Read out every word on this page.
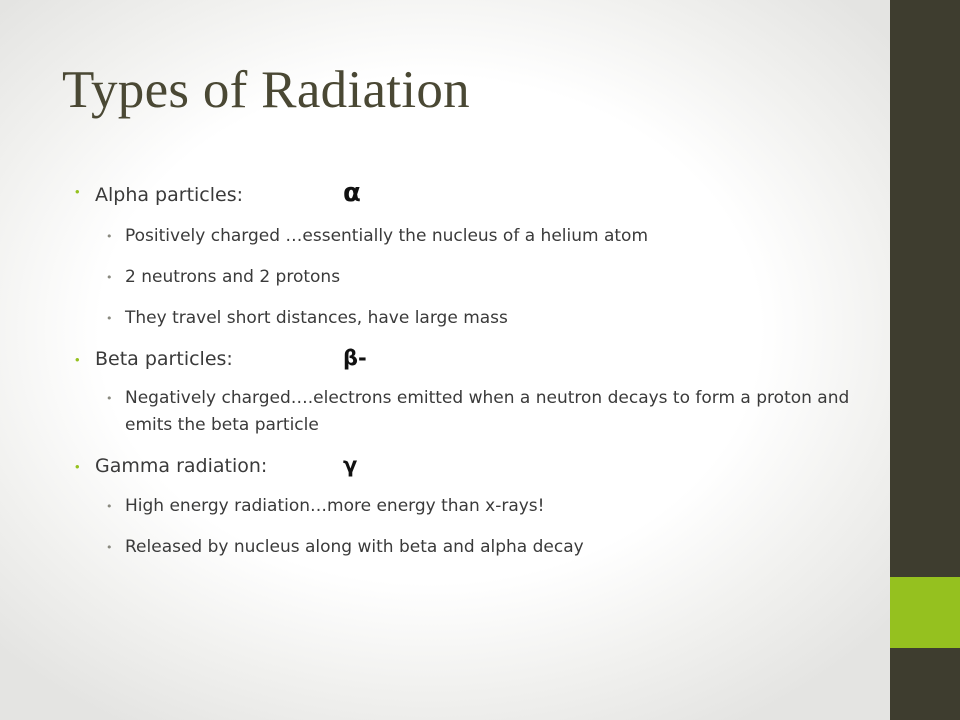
Types of Radiation
• Alpha particles:	α
• Positively charged …essentially the nucleus of a helium atom
• 2 neutrons and 2 protons
• They travel short distances, have large mass
• Beta particles:	β-
• Negatively charged….electrons emitted when a neutron decays to form a proton and emits the beta particle
• Gamma radiation:	γ
• High energy radiation…more energy than x-rays!
• Released by nucleus along with beta and alpha decay
